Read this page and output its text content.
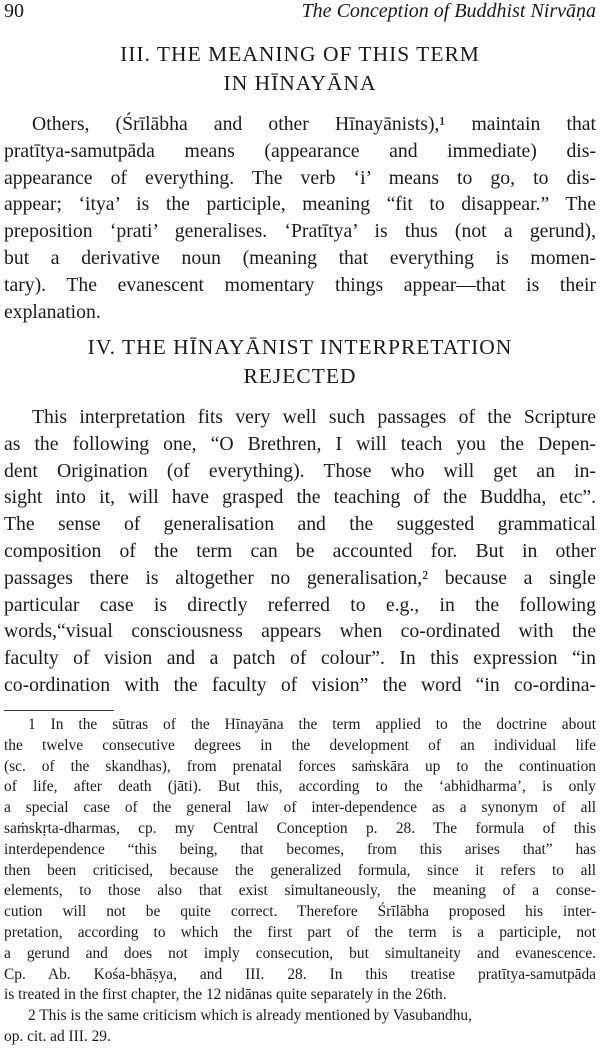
90	The Conception of Buddhist Nirvāṇa
III. THE MEANING OF THIS TERM
IN HĪNAYĀNA
Others, (Śrīlābha and other Hīnayānists),¹ maintain that
pratītya-samutpāda means (appearance and immediate) dis-
appearance of everything. The verb ‘i’ means to go, to dis-
appear; ‘itya’ is the participle, meaning “fit to disappear.” The
preposition ‘prati’ generalises. ‘Pratītya’ is thus (not a gerund),
but a derivative noun (meaning that everything is momen-
tary). The evanescent momentary things appear—that is their
explanation.
IV. THE HĪNAYĀNIST INTERPRETATION
REJECTED
This interpretation fits very well such passages of the Scripture
as the following one, “O Brethren, I will teach you the Depen-
dent Origination (of everything). Those who will get an in-
sight into it, will have grasped the teaching of the Buddha, etc”.
The sense of generalisation and the suggested grammatical
composition of the term can be accounted for. But in other
passages there is altogether no generalisation,² because a single
particular case is directly referred to e.g., in the following
words,“visual consciousness appears when co-ordinated with the
faculty of vision and a patch of colour”. In this expression “in
co-ordination with the faculty of vision” the word “in co-ordina-
1 In the sūtras of the Hīnayāna the term applied to the doctrine about
the twelve consecutive degrees in the development of an individual life
(sc. of the skandhas), from prenatal forces saṁskāra up to the continuation
of life, after death (jāti). But this, according to the ‘abhidharma’, is only
a special case of the general law of inter-dependence as a synonym of all
saṁskṛta-dharmas, cp. my Central Conception p. 28. The formula of this
interdependence “this being, that becomes, from this arises that” has
then been criticised, because the generalized formula, since it refers to all
elements, to those also that exist simultaneously, the meaning of a conse-
cution will not be quite correct. Therefore Śrīlābha proposed his inter-
pretation, according to which the first part of the term is a participle, not
a gerund and does not imply consecution, but simultaneity and evanescence.
Cp. Ab. Kośa-bhāṣya, and III. 28. In this treatise pratītya-samutpāda
is treated in the first chapter, the 12 nidānas quite separately in the 26th.
2 This is the same criticism which is already mentioned by Vasubandhu,
op. cit. ad III. 29.
